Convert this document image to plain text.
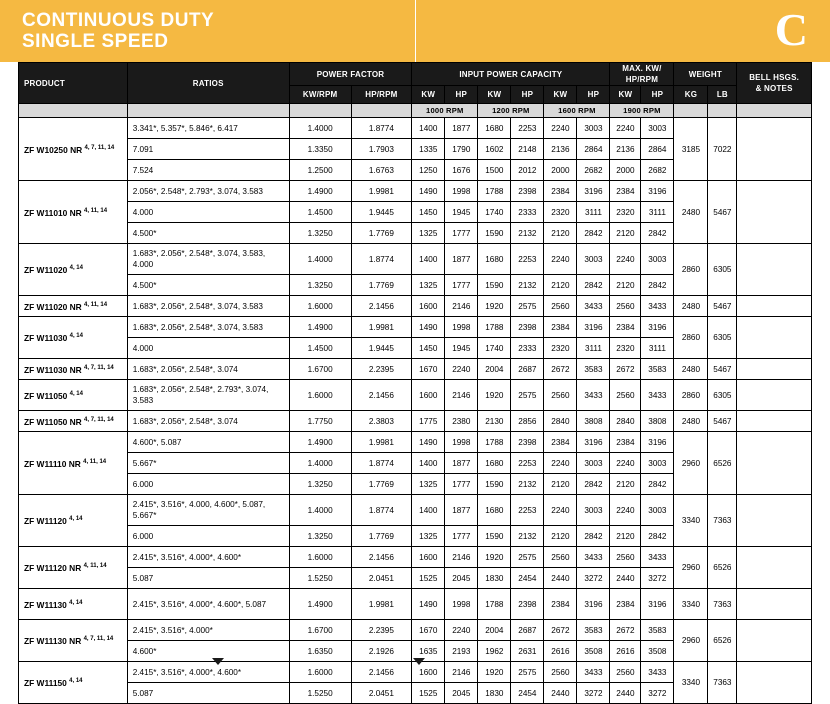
CONTINUOUS DUTY
SINGLE SPEED	C
PRODUCT	RATIOS	POWER FACTOR		INPUT POWER CAPACITY						MAX. KW/
HP/RPM		WEIGHT		BELL HSGS.
& NOTES
		KW/RPM	HP/RPM	KW	HP	KW	HP	KW	HP	KW	HP	KG	LB	
				1000 RPM		1200 RPM		1600 RPM		1900 RPM				
ZF W10250 NR $^{4, 7, 11, 14}$	3.341*, 5.357*, 5.846*, 6.417	1.4000	1.8774	1400	1877	1680	2253	2240	3003	2240	3003	3185	7022	
	7.091	1.3350	1.7903	1335	1790	1602	2148	2136	2864	2136	2864			
	7.524	1.2500	1.6763	1250	1676	1500	2012	2000	2682	2000	2682			
ZF W11010 NR $^{4, 11, 14}$	2.056*, 2.548*, 2.793*, 3.074, 3.583	1.4900	1.9981	1490	1998	1788	2398	2384	3196	2384	3196	2480	5467	
	4.000	1.4500	1.9445	1450	1945	1740	2333	2320	3111	2320	3111			
	4.500*	1.3250	1.7769	1325	1777	1590	2132	2120	2842	2120	2842			
ZF W11020 $^{4, 14}$	1.683*, 2.056*, 2.548*, 3.074, 3.583, 4.000	1.4000	1.8774	1400	1877	1680	2253	2240	3003	2240	3003	2860	6305	
	4.500*	1.3250	1.7769	1325	1777	1590	2132	2120	2842	2120	2842			
ZF W11020 NR $^{4, 11, 14}$	1.683*, 2.056*, 2.548*, 3.074, 3.583	1.6000	2.1456	1600	2146	1920	2575	2560	3433	2560	3433	2480	5467	
ZF W11030 $^{4, 14}$	1.683*, 2.056*, 2.548*, 3.074, 3.583	1.4900	1.9981	1490	1998	1788	2398	2384	3196	2384	3196	2860	6305	
	4.000	1.4500	1.9445	1450	1945	1740	2333	2320	3111	2320	3111			
ZF W11030 NR $^{4, 7, 11, 14}$	1.683*, 2.056*, 2.548*, 3.074	1.6700	2.2395	1670	2240	2004	2687	2672	3583	2672	3583	2480	5467	
ZF W11050 $^{4, 14}$	1.683*, 2.056*, 2.548*, 2.793*, 3.074, 3.583	1.6000	2.1456	1600	2146	1920	2575	2560	3433	2560	3433	2860	6305	
ZF W11050 NR $^{4, 7, 11, 14}$	1.683*, 2.056*, 2.548*, 3.074	1.7750	2.3803	1775	2380	2130	2856	2840	3808	2840	3808	2480	5467	
ZF W11110 NR $^{4, 11, 14}$	4.600*, 5.087	1.4900	1.9981	1490	1998	1788	2398	2384	3196	2384	3196	2960	6526	
	5.667*	1.4000	1.8774	1400	1877	1680	2253	2240	3003	2240	3003			
	6.000	1.3250	1.7769	1325	1777	1590	2132	2120	2842	2120	2842			
ZF W11120 $^{4, 14}$	2.415*, 3.516*, 4.000, 4.600*, 5.087, 5.667*	1.4000	1.8774	1400	1877	1680	2253	2240	3003	2240	3003	3340	7363	
	6.000	1.3250	1.7769	1325	1777	1590	2132	2120	2842	2120	2842			
ZF W11120 NR $^{4, 11, 14}$	2.415*, 3.516*, 4.000*, 4.600*	1.6000	2.1456	1600	2146	1920	2575	2560	3433	2560	3433	2960	6526	
	5.087	1.5250	2.0451	1525	2045	1830	2454	2440	3272	2440	3272			
ZF W11130 $^{4, 14}$	2.415*, 3.516*, 4.000*, 4.600*, 5.087	1.4900	1.9981	1490	1998	1788	2398	2384	3196	2384	3196	3340	7363	
ZF W11130 NR $^{4, 7, 11, 14}$	2.415*, 3.516*, 4.000*	1.6700	2.2395	1670	2240	2004	2687	2672	3583	2672	3583	2960	6526	
	4.600*	1.6350	2.1926	1635	2193	1962	2631	2616	3508	2616	3508			
ZF W11150 $^{4, 14}$	2.415*, 3.516*, 4.000*, 4.600*	1.6000	2.1456	1600	2146	1920	2575	2560	3433	2560	3433	3340	7363	
	5.087	1.5250	2.0451	1525	2045	1830	2454	2440	3272	2440	3272			
